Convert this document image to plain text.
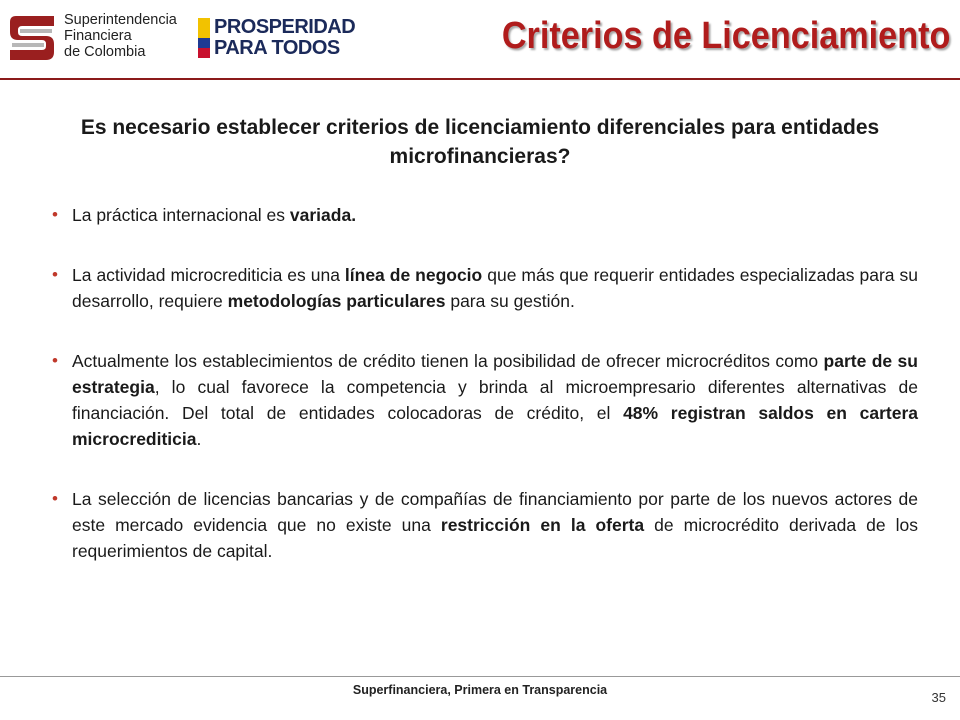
Superintendencia
Financiera
de Colombia
PROSPERIDAD
PARA TODOS	Criterios de Licenciamiento
Es necesario establecer criterios de licenciamiento diferenciales para entidades microfinancieras?
• La práctica internacional es variada.
• La actividad microcrediticia es una línea de negocio que más que requerir entidades especializadas para su desarrollo, requiere metodologías particulares para su gestión.
• Actualmente los establecimientos de crédito tienen la posibilidad de ofrecer microcréditos como parte de su estrategia, lo cual favorece la competencia y brinda al microempresario diferentes alternativas de financiación. Del total de entidades colocadoras de crédito, el 48% registran saldos en cartera microcrediticia.
• La selección de licencias bancarias y de compañías de financiamiento por parte de los nuevos actores de este mercado evidencia que no existe una restricción en la oferta de microcrédito derivada de los requerimientos de capital.
Superfinanciera, Primera en Transparencia	35
